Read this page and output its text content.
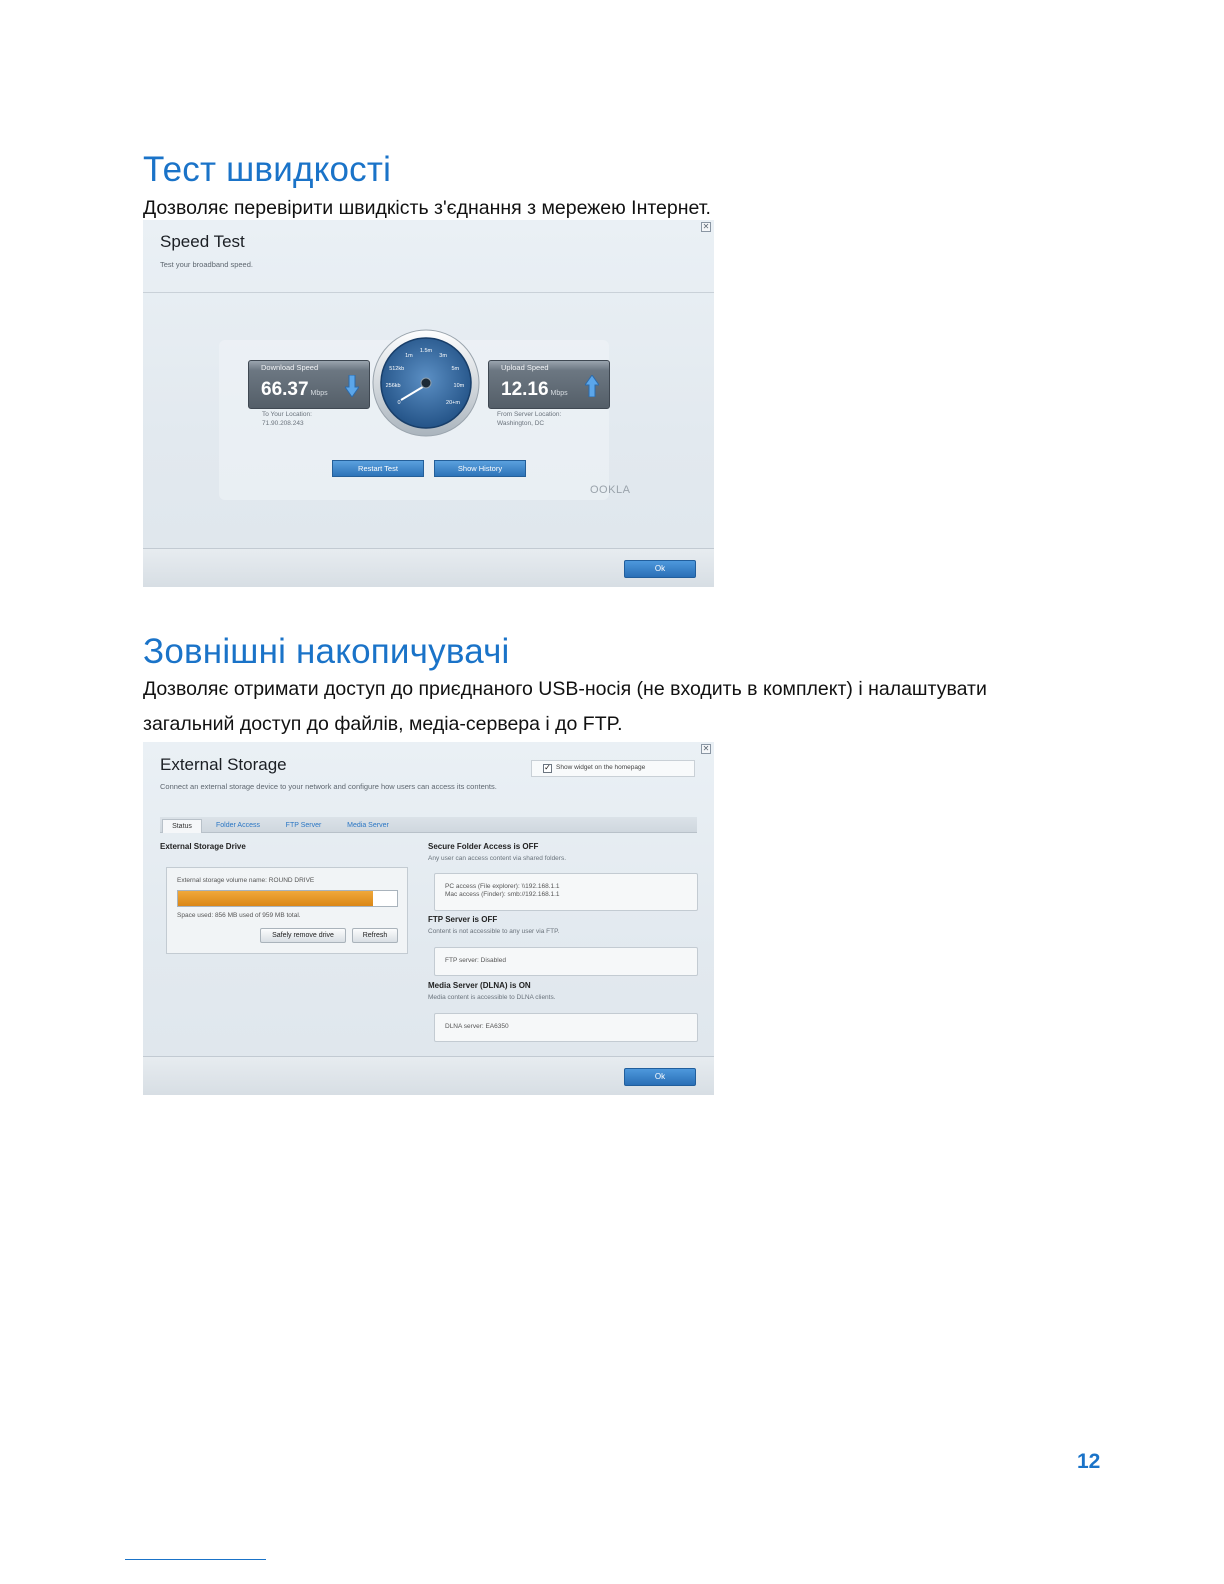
Тест швидкості

Дозволяє перевірити швидкість з'єднання з мережею Інтернет.

✕
Speed Test
Test your broadband speed.
Download Speed
66.37 Mbps
To Your Location:
71.90.208.243
Upload Speed
12.16 Mbps
From Server Location:
Washington, DC
0
256kb
512kb
1m
1.5m
3m
5m
10m
20+m
Restart Test	Show History
OOKLA
Ok
Зовнішні накопичувачі

Дозволяє отримати доступ до приєднаного USB-носія (не входить в комплект) і налаштувати

загальний доступ до файлів, медіа-сервера і до FTP.

✕
External Storage
Connect an external storage device to your network and configure how users can access its contents.
✓ Show widget on the homepage
Status	Folder Access	FTP Server	Media Server
External Storage Drive
External storage volume name: ROUND DRIVE
Space used: 856 MB used of 959 MB total.
Safely remove drive	Refresh
Secure Folder Access is OFF
Any user can access content via shared folders.
PC access (File explorer): \\192.168.1.1
Mac access (Finder): smb://192.168.1.1
FTP Server is OFF
Content is not accessible to any user via FTP.
FTP server: Disabled
Media Server (DLNA) is ON
Media content is accessible to DLNA clients.
DLNA server: EA6350
Ok
12
